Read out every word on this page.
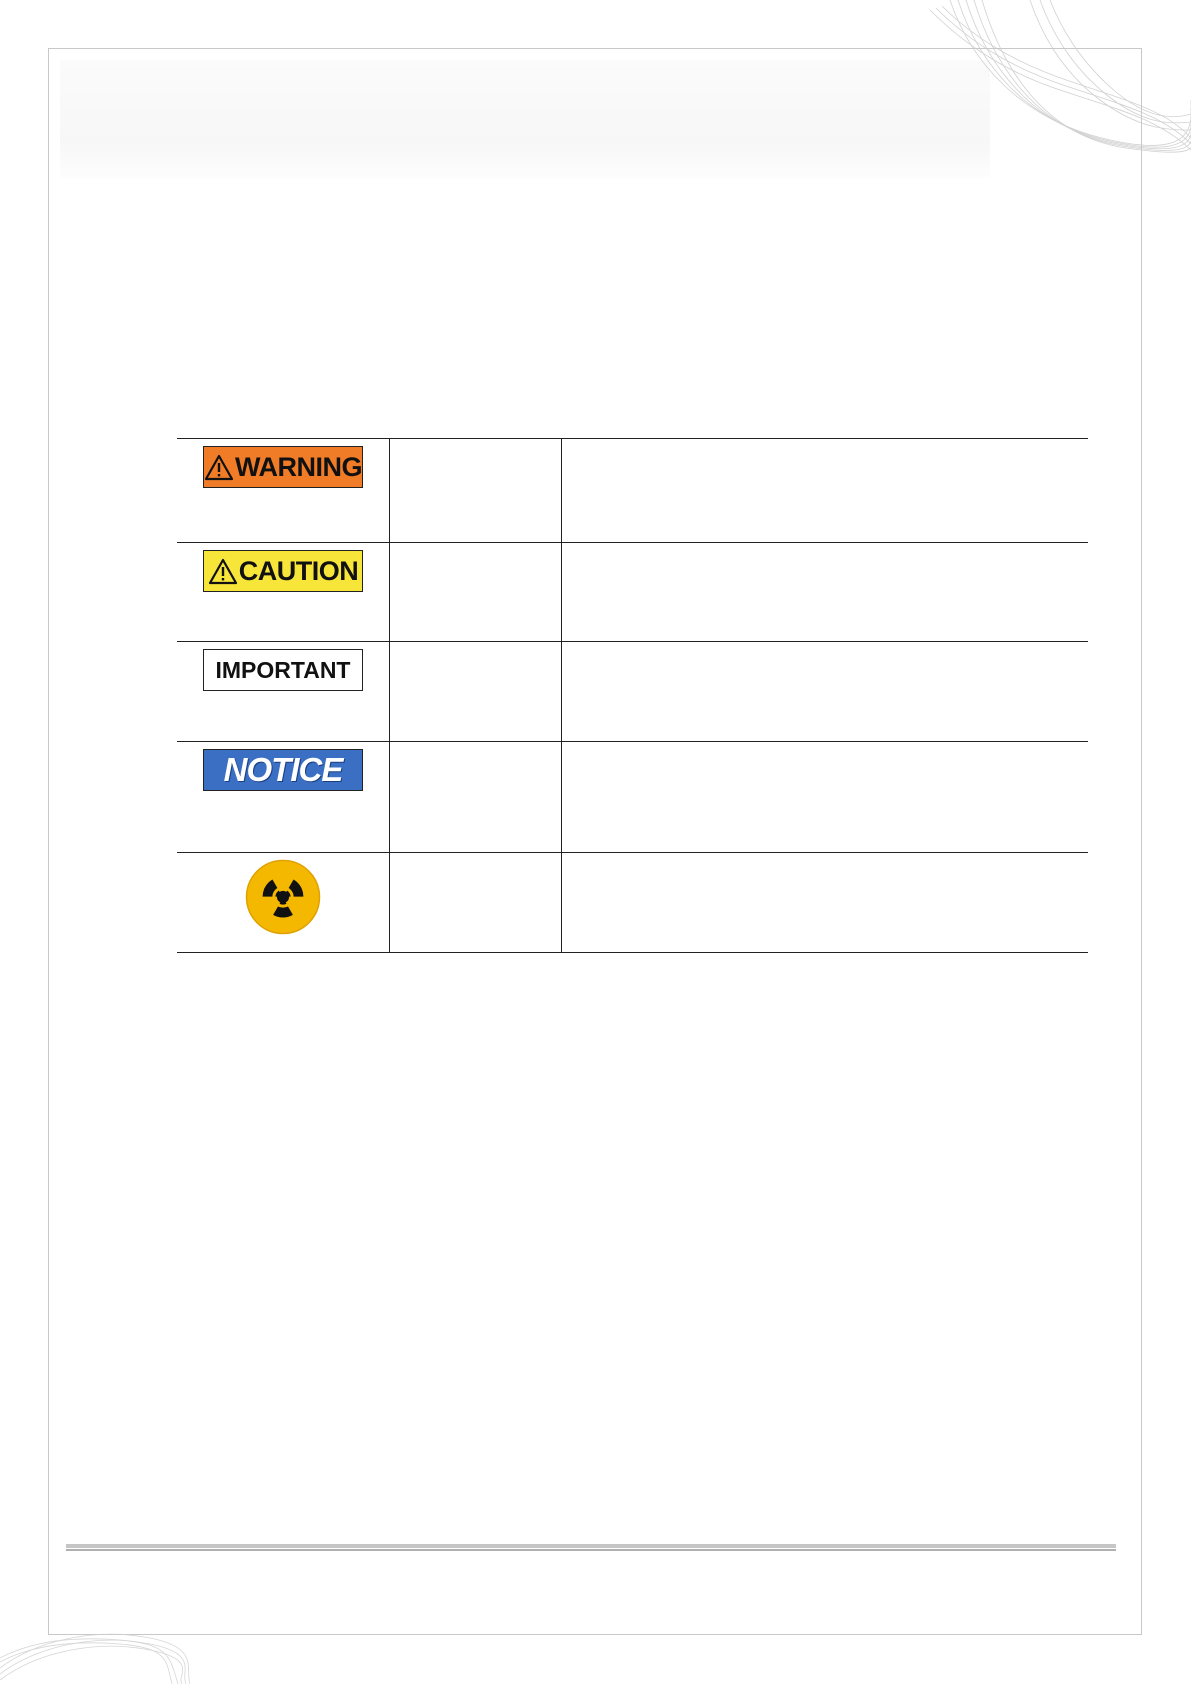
WARNING		

CAUTION		

IMPORTANT		

NOTICE		
